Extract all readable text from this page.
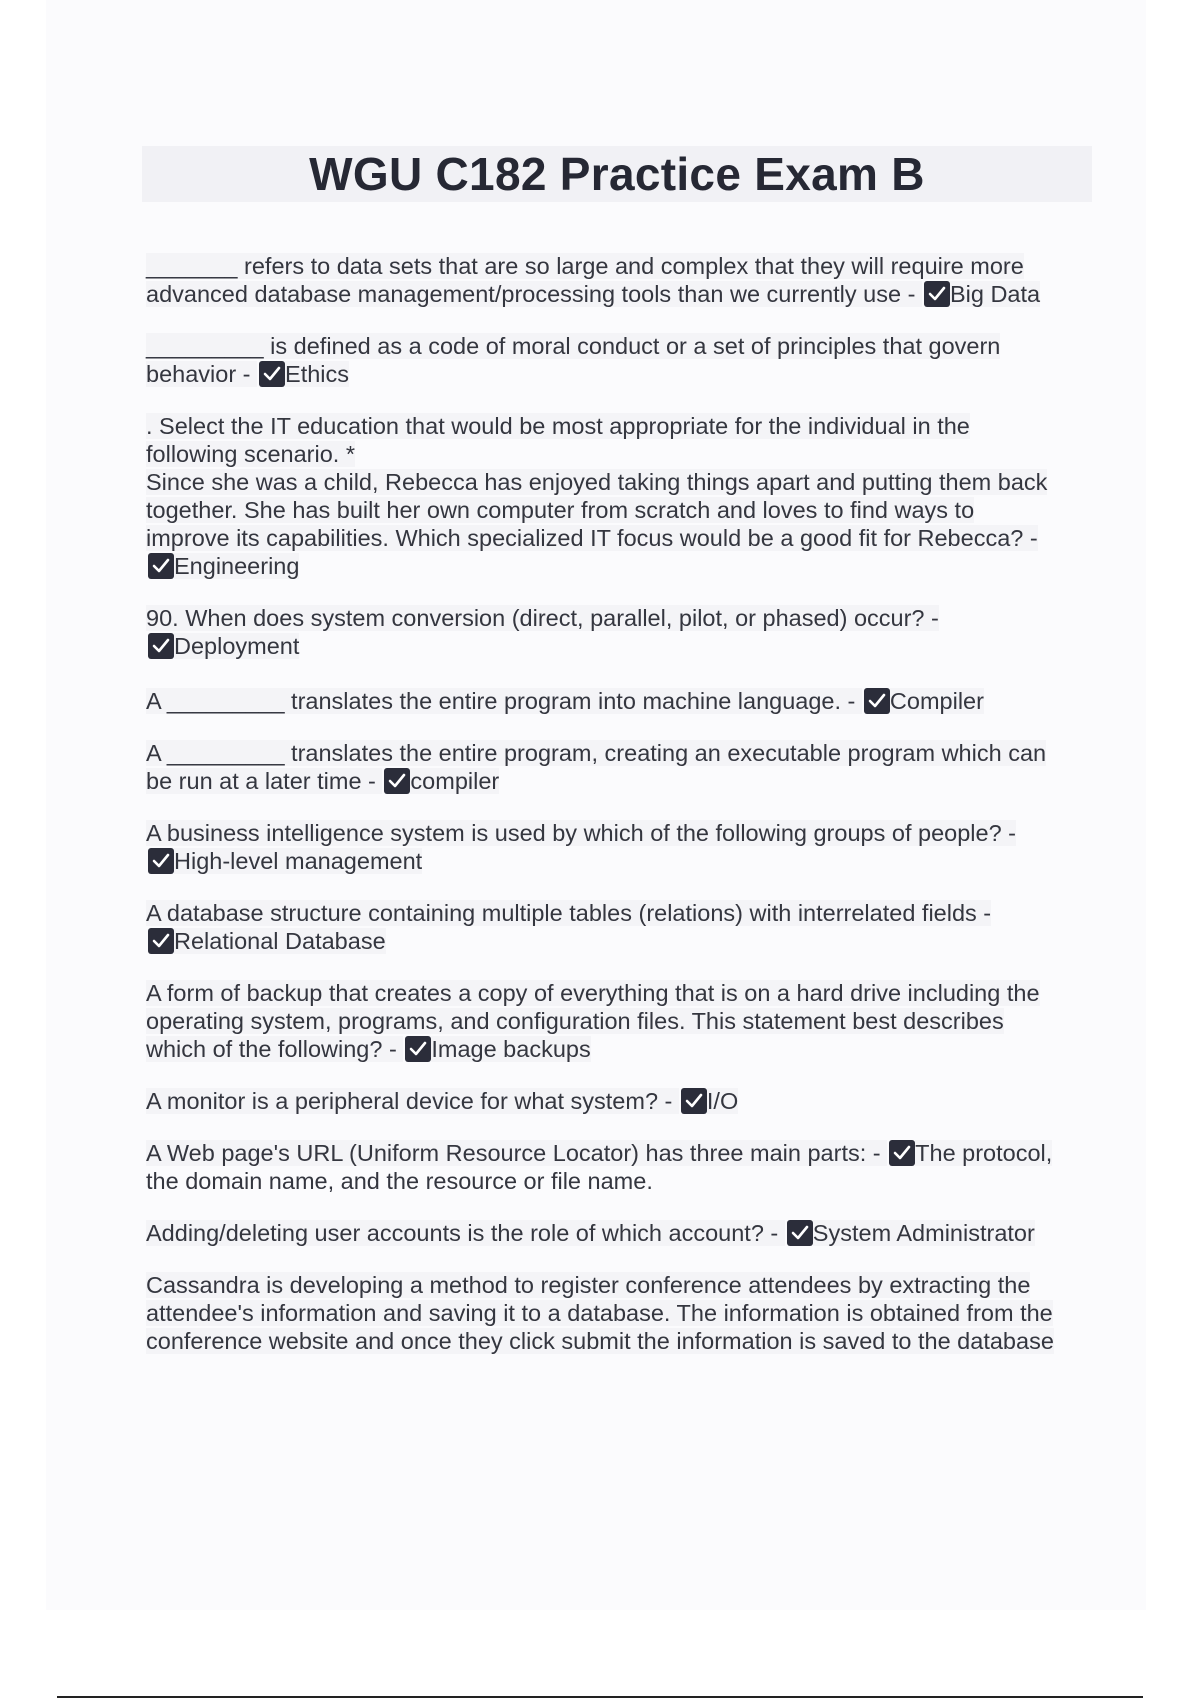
WGU C182 Practice Exam B

_______ refers to data sets that are so large and complex that they will require more
advanced database management/processing tools than we currently use -
Big Data

_________ is defined as a code of moral conduct or a set of principles that govern
behavior -
Ethics

. Select the IT education that would be most appropriate for the individual in the
following scenario. *
Since she was a child, Rebecca has enjoyed taking things apart and putting them back
together. She has built her own computer from scratch and loves to find ways to
improve its capabilities. Which specialized IT focus would be a good fit for Rebecca? -
Engineering

90. When does system conversion (direct, parallel, pilot, or phased) occur? -
Deployment

A _________ translates the entire program into machine language. -
Compiler

A _________ translates the entire program, creating an executable program which can
be run at a later time -
compiler

A business intelligence system is used by which of the following groups of people? -
High-level management

A database structure containing multiple tables (relations) with interrelated fields -
Relational Database

A form of backup that creates a copy of everything that is on a hard drive including the
operating system, programs, and configuration files. This statement best describes
which of the following? -
Image backups

A monitor is a peripheral device for what system? -
I/O

A Web page's URL (Uniform Resource Locator) has three main parts: -
The protocol,
the domain name, and the resource or file name.

Adding/deleting user accounts is the role of which account? -
System Administrator

Cassandra is developing a method to register conference attendees by extracting the
attendee's information and saving it to a database. The information is obtained from the
conference website and once they click submit the information is saved to the database
